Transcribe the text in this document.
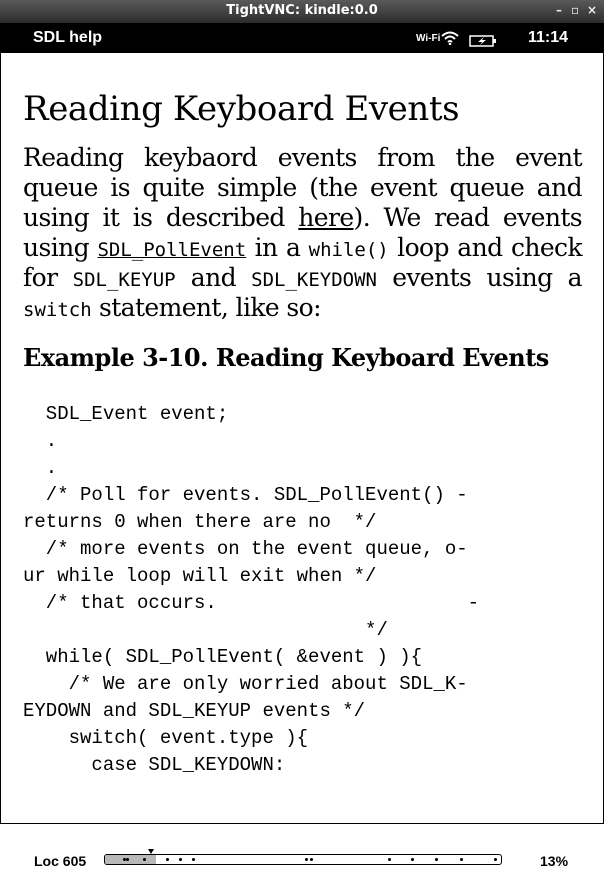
TightVNC: kindle:0.0	– ▫ ×
SDL help	Wi-Fi	11:14
Reading Keyboard Events

Reading keybaord events from the event queue is quite simple (the event queue and using it is described here). We read events using SDL_PollEvent in a while() loop and check for SDL_KEYUP and SDL_KEYDOWN events using a switch statement, like so:

Example 3-10. Reading Keyboard Events
SDL_Event event;
.
.
/* Poll for events. SDL_PollEvent() -
returns 0 when there are no  */
/* more events on the event queue, o-
ur while loop will exit when */
/* that occurs.                      -
*/
while( SDL_PollEvent( &event ) ){
/* We are only worried about SDL_K-
EYDOWN and SDL_KEYUP events */
switch( event.type ){
case SDL_KEYDOWN:
Loc 605	13%
